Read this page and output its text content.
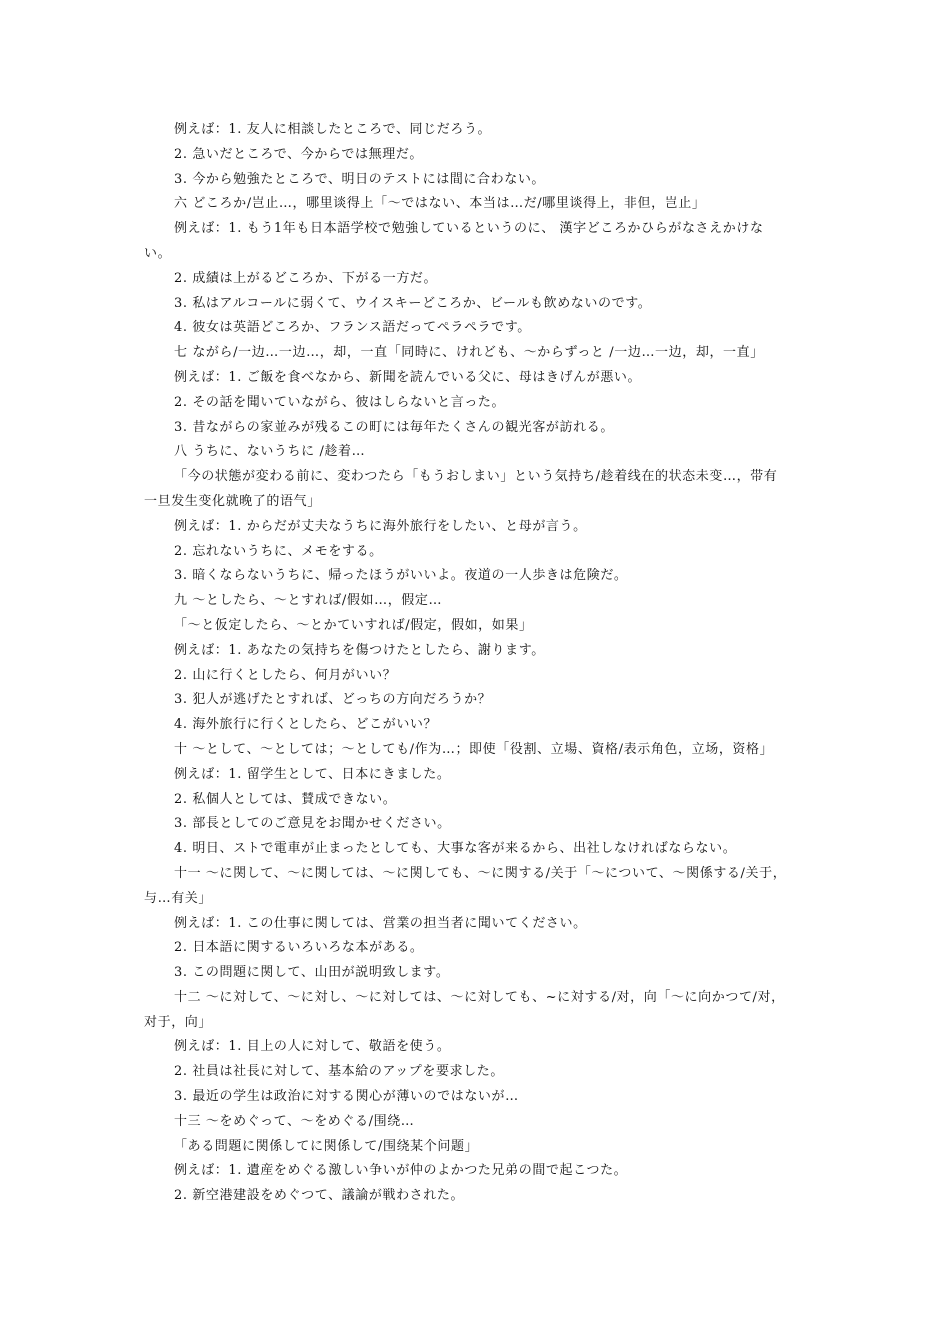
例えば：1. 友人に相談したところで、同じだろう。
2. 急いだところで、今からでは無理だ。
3. 今から勉強たところで、明日のテストには間に合わない。
六 どころか/岂止…，哪里谈得上「～ではない、本当は…だ/哪里谈得上，非但，岂止」
例えば：1. もう1年も日本語学校で勉強しているというのに、 漢字どころかひらがなさえかけな
い。
2. 成績は上がるどころか、下がる一方だ。
3. 私はアルコールに弱くて、ウイスキーどころか、ビールも飲めないのです。
4. 彼女は英語どころか、フランス語だってペラペラです。
七 ながら/一边…一边…，却，一直「同時に、けれども、～からずっと /一边…一边，却，一直」
例えば：1. ご飯を食べなから、新聞を読んでいる父に、母はきげんが悪い。
2. その話を聞いていながら、彼はしらないと言った。
3. 昔ながらの家並みが残るこの町には毎年たくさんの観光客が訪れる。
八 うちに、ないうちに /趁着…
「今の状態が変わる前に、変わつたら「もうおしまい」という気持ち/趁着线在的状态未变…，带有
一旦发生变化就晚了的语气」
例えば：1. からだが丈夫なうちに海外旅行をしたい、と母が言う。
2. 忘れないうちに、メモをする。
3. 暗くならないうちに、帰ったほうがいいよ。夜道の一人歩きは危険だ。
九 ～としたら、～とすれば/假如…，假定…
「～と仮定したら、～とかていすれば/假定，假如，如果」
例えば：1. あなたの気持ちを傷つけたとしたら、謝ります。
2. 山に行くとしたら、何月がいい？
3. 犯人が逃げたとすれば、どっちの方向だろうか？
4. 海外旅行に行くとしたら、どこがいい？
十 ～として、～としては；～としても/作为…；即使「役割、立場、資格/表示角色，立场，资格」
例えば：1. 留学生として、日本にきました。
2. 私個人としては、賛成できない。
3. 部長としてのご意見をお聞かせください。
4. 明日、ストで電車が止まったとしても、大事な客が来るから、出社しなければならない。
十一 ～に関して、～に関しては、～に関しても、～に関する/关于「～について、～関係する/关于，
与…有关」
例えば：1. この仕事に関しては、営業の担当者に聞いてください。
2. 日本語に関するいろいろな本がある。
3. この問題に関して、山田が説明致します。
十二 ～に対して、～に対し、～に対しては、～に対しても、~に対する/对，向「～に向かつて/对，
对于，向」
例えば：1. 目上の人に対して、敬語を使う。
2. 社員は社長に対して、基本給のアップを要求した。
3. 最近の学生は政治に対する関心が薄いのではないが…
十三 ～をめぐって、～をめぐる/围绕…
「ある問題に関係してに関係して/围绕某个问题」
例えば：1. 遺産をめぐる激しい争いが仲のよかつた兄弟の間で起こつた。
2. 新空港建設をめぐつて、議論が戦わされた。
